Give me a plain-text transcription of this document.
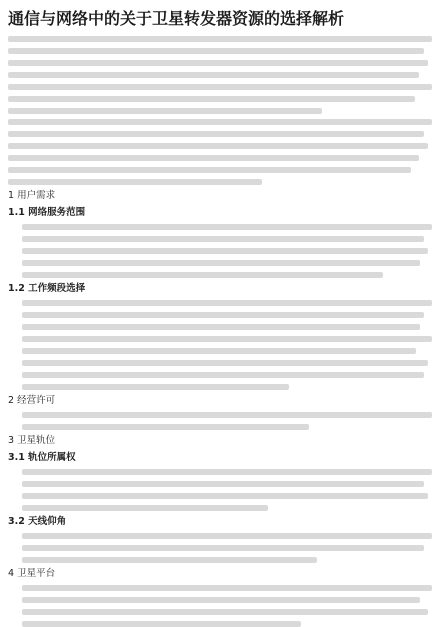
通信与网络中的关于卫星转发器资源的选择解析
1 用户需求
1.1 网络服务范围
1.2 工作频段选择
2 经营许可
3 卫星轨位
3.1 轨位所属权
3.2 天线仰角
4 卫星平台
